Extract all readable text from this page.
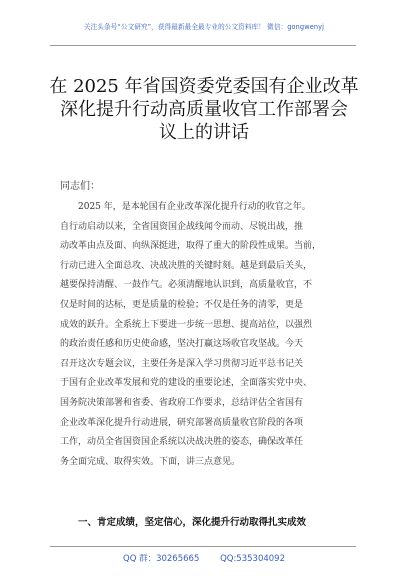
关注头条号“公文研究”，获得最新最全最专业的公文资料库！ 微信：gongwenyj
在 2025 年省国资委党委国有企业改革
深化提升行动高质量收官工作部署会
议上的讲话
同志们：
2025 年，是本轮国有企业改革深化提升行动的收官之年。
自行动启动以来，全省国资国企战线闻令而动、尽锐出战，推
动改革由点及面、向纵深挺进，取得了重大的阶段性成果。当前，
行动已进入全面总攻、决战决胜的关键时刻。越是到最后关头，
越要保持清醒、一鼓作气。必须清醒地认识到，高质量收官，不
仅是时间的达标，更是质量的检验；不仅是任务的清零，更是
成效的跃升。全系统上下要进一步统一思想、提高站位，以强烈
的政治责任感和历史使命感，坚决打赢这场收官攻坚战。今天
召开这次专题会议，主要任务是深入学习贯彻习近平总书记关
于国有企业改革发展和党的建设的重要论述，全面落实党中央、
国务院决策部署和省委、省政府工作要求，总结评估全省国有
企业改革深化提升行动进展，研究部署高质量收官阶段的各项
工作，动员全省国资国企系统以决战决胜的姿态，确保改革任
务全面完成、取得实效。下面，讲三点意见。
一、肯定成绩，坚定信心，深化提升行动取得扎实成效
QQ 群：30265665 QQ:535304092
